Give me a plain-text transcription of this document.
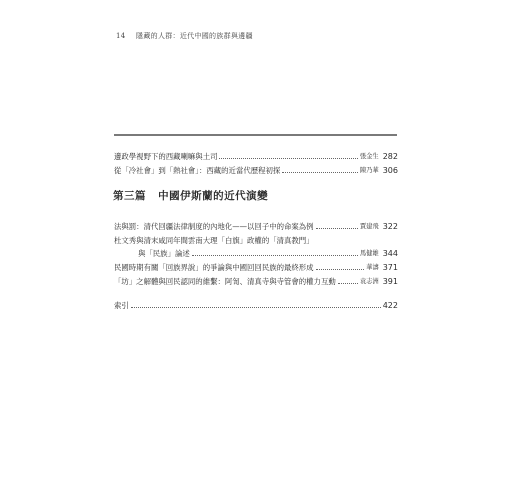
14 隱藏的人群：近代中國的族群與邊疆
邊政學視野下的西藏喇嘛與土司	張金生 282
從「冷社會」到「熱社會」：西藏的近當代歷程初探	陳乃華 306
第三篇 中國伊斯蘭的近代演變
法與罰：清代回疆法律制度的內地化——以回子中的命案為例	賈建飛 322
杜文秀與清末咸同年間雲南大理「白旗」政權的「清真教門」
與「民族」論述	馬健雄 344
民國時期有關「回族界說」的爭論與中國回回民族的最終形成	華濤 371
「坊」之解體與回民認同的維繫：阿訇、清真寺與寺管會的權力互動	袁志洲 391
索引	422
